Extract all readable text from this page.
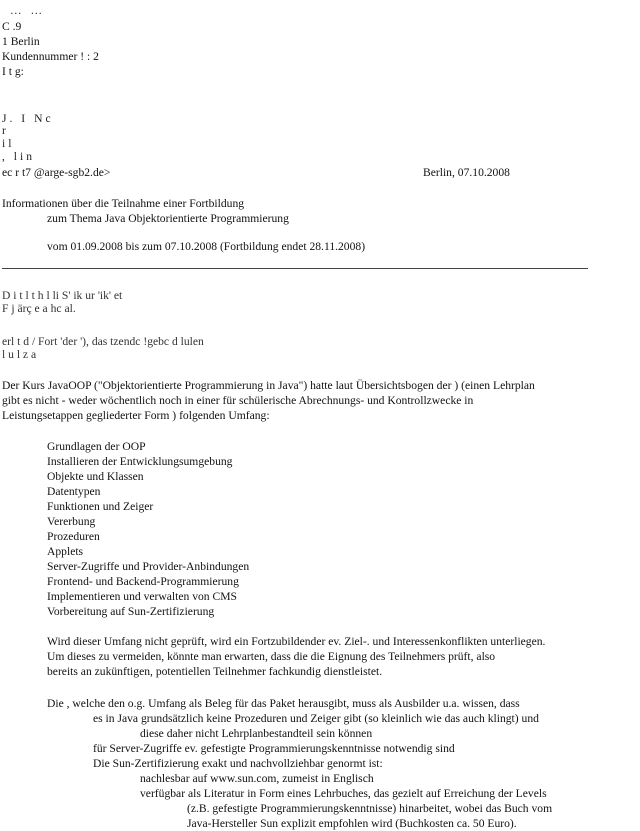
… …
C .9
1 Berlin
Kundennummer ! : 2
I t g:
J. I Nc
r
il
, lin
ec r t7 @arge-sgb2.de>	Berlin, 07.10.2008
Informationen über die Teilnahme einer Fortbildung
zum Thema Java Objektorientierte Programmierung
vom 01.09.2008 bis zum 07.10.2008 (Fortbildung endet 28.11.2008)
D i t l t h l li S' ik ur 'ik' et
F j ärç e a hc al.
erl t d / Fort 'der '), das tzendc !gebc d lulen
l u l z a
Der Kurs JavaOOP ("Objektorientierte Programmierung in Java") hatte laut Übersichtsbogen der ) (einen Lehrplan
gibt es nicht - weder wöchentlich noch in einer für schülerische Abrechnungs- und Kontrollzwecke in
Leistungsetappen gegliederter Form ) folgenden Umfang:
Grundlagen der OOP
Installieren der Entwicklungsumgebung
Objekte und Klassen
Datentypen
Funktionen und Zeiger
Vererbung
Prozeduren
Applets
Server-Zugriffe und Provider-Anbindungen
Frontend- und Backend-Programmierung
Implementieren und verwalten von CMS
Vorbereitung auf Sun-Zertifizierung
Wird dieser Umfang nicht geprüft, wird ein Fortzubildender ev. Ziel-. und Interessenkonflikten unterliegen.
Um dieses zu vermeiden, könnte man erwarten, dass die die Eignung des Teilnehmers prüft, also
bereits an zukünftigen, potentiellen Teilnehmer fachkundig dienstleistet.
Die , welche den o.g. Umfang als Beleg für das Paket herausgibt, muss als Ausbilder u.a. wissen, dass
es in Java grundsätzlich keine Prozeduren und Zeiger gibt (so kleinlich wie das auch klingt) und
diese daher nicht Lehrplanbestandteil sein können
für Server-Zugriffe ev. gefestigte Programmierungskenntnisse notwendig sind
Die Sun-Zertifizierung exakt und nachvollziehbar genormt ist:
nachlesbar auf www.sun.com, zumeist in Englisch
verfügbar als Literatur in Form eines Lehrbuches, das gezielt auf Erreichung der Levels
(z.B. gefestigte Programmierungskenntnisse) hinarbeitet, wobei das Buch vom
Java-Hersteller Sun explizit empfohlen wird (Buchkosten ca. 50 Euro).
